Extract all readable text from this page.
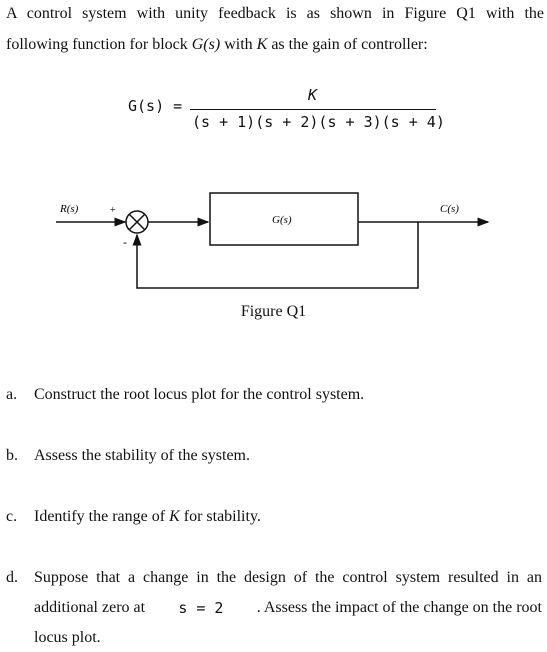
A control system with unity feedback is as shown in Figure Q1 with the
following function for block G(s) with K as the gain of controller:
G(s) =
K
(s + 1)(s + 2)(s + 3)(s + 4)
R(s)	C(s)
G(s)
+
-
Figure Q1
a. Construct the root locus plot for the control system.
b. Assess the stability of the system.
c. Identify the range of K for stability.
d. Suppose that a change in the design of the control system resulted in an
additional zero at s = 2 . Assess the impact of the change on the root
locus plot.
